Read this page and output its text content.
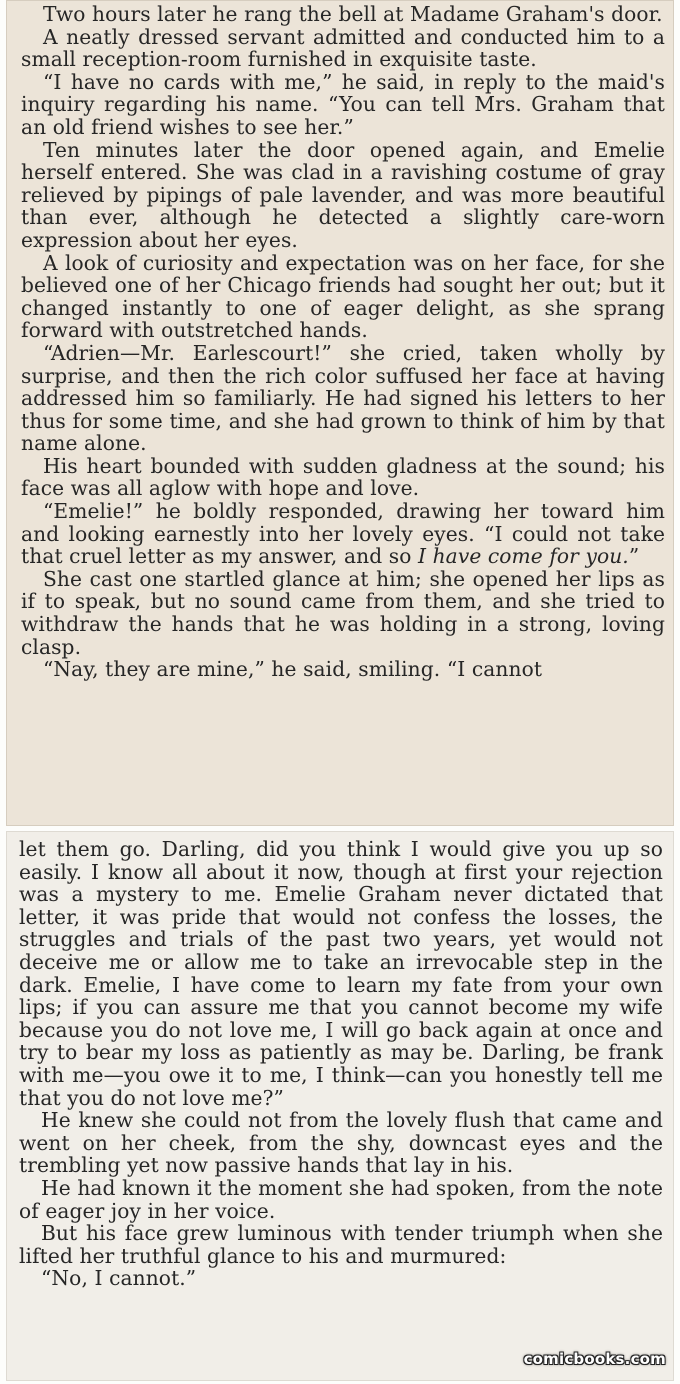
Two hours later he rang the bell at Madame Graham's door.

A neatly dressed servant admitted and conducted him to a small reception-room furnished in exquisite taste.

“I have no cards with me,” he said, in reply to the maid's inquiry regarding his name. “You can tell Mrs. Graham that an old friend wishes to see her.”

Ten minutes later the door opened again, and Emelie herself entered. She was clad in a ravishing costume of gray relieved by pipings of pale lavender, and was more beautiful than ever, although he detected a slightly care-worn expression about her eyes.

A look of curiosity and expectation was on her face, for she believed one of her Chicago friends had sought her out; but it changed instantly to one of eager delight, as she sprang forward with outstretched hands.

“Adrien—Mr. Earlescourt!” she cried, taken wholly by surprise, and then the rich color suffused her face at having addressed him so familiarly. He had signed his letters to her thus for some time, and she had grown to think of him by that name alone.

His heart bounded with sudden gladness at the sound; his face was all aglow with hope and love.

“Emelie!” he boldly responded, drawing her toward him and looking earnestly into her lovely eyes. “I could not take that cruel letter as my answer, and so I have come for you.”

She cast one startled glance at him; she opened her lips as if to speak, but no sound came from them, and she tried to withdraw the hands that he was holding in a strong, loving clasp.

“Nay, they are mine,” he said, smiling. “I cannot

let them go. Darling, did you think I would give you up so easily. I know all about it now, though at first your rejection was a mystery to me. Emelie Graham never dictated that letter, it was pride that would not confess the losses, the struggles and trials of the past two years, yet would not deceive me or allow me to take an irrevocable step in the dark. Emelie, I have come to learn my fate from your own lips; if you can assure me that you cannot become my wife because you do not love me, I will go back again at once and try to bear my loss as patiently as may be. Darling, be frank with me—you owe it to me, I think—can you honestly tell me that you do not love me?”

He knew she could not from the lovely flush that came and went on her cheek, from the shy, downcast eyes and the trembling yet now passive hands that lay in his.

He had known it the moment she had spoken, from the note of eager joy in her voice.

But his face grew luminous with tender triumph when she lifted her truthful glance to his and murmured:

“No, I cannot.”

comicbooks.com
